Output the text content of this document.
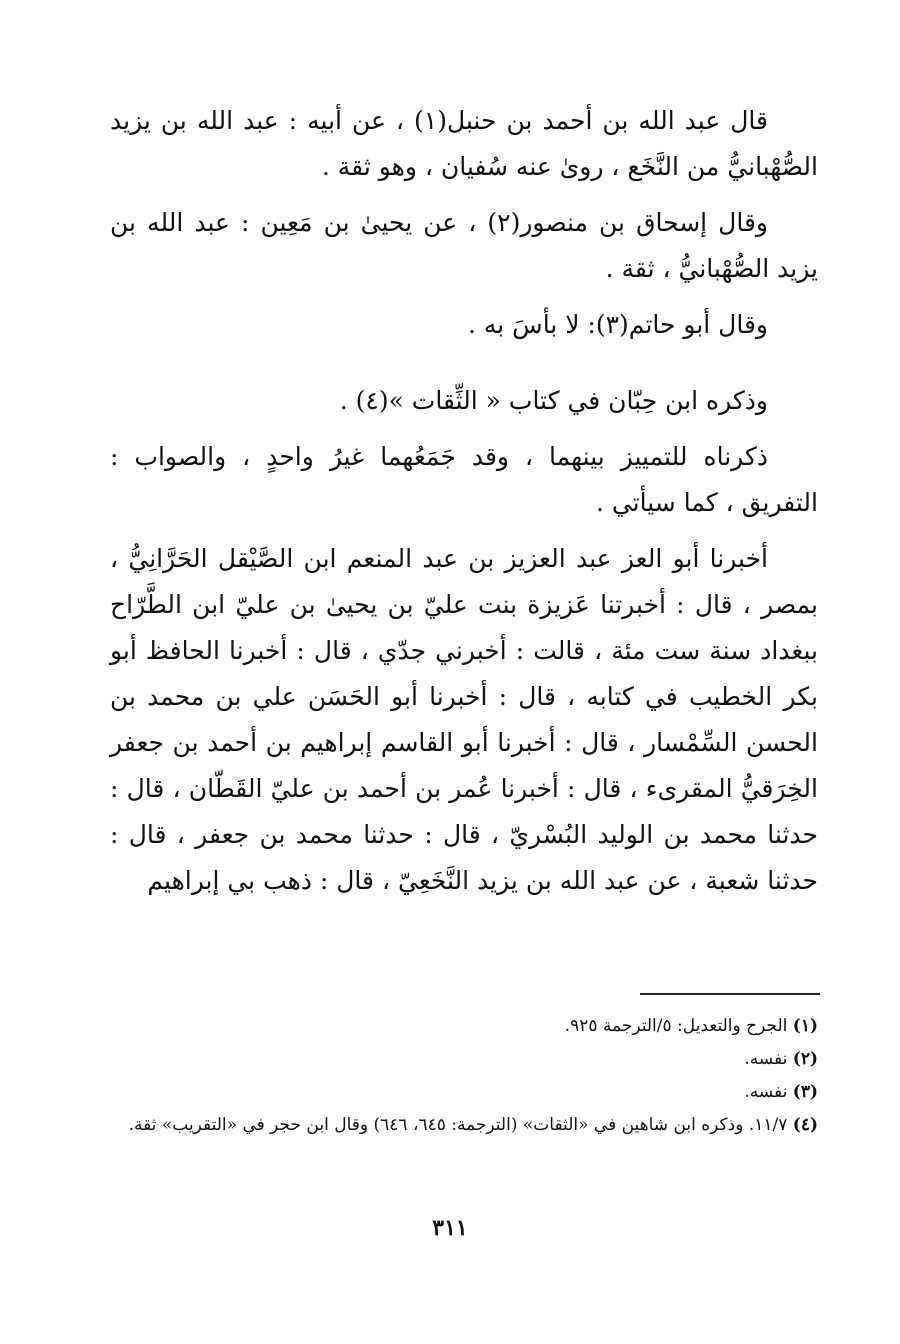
قال عبد الله بن أحمد بن حنبل(١) ، عن أبيه : عبد الله بن يزيد الصُّهْبانيُّ من النَّخَع ، روىٰ عنه سُفيان ، وهو ثقة .

وقال إسحاق بن منصور(٢) ، عن يحيىٰ بن مَعِين : عبد الله بن يزيد الصُّهْبانيُّ ، ثقة .

وقال أبو حاتم(٣): لا بأسَ به .

وذكره ابن حِبّان في كتاب « الثِّقات »(٤) .

ذكرناه للتمييز بينهما ، وقد جَمَعُهما غيرُ واحدٍ ، والصواب : التفريق ، كما سيأتي .

أخبرنا أبو العز عبد العزيز بن عبد المنعم ابن الصَّيْقل الحَرَّانِيُّ ، بمصر ، قال : أخبرتنا عَزيزة بنت عليّ بن يحيىٰ بن عليّ ابن الطَّرّاح ببغداد سنة ست مئة ، قالت : أخبرني جدّي ، قال : أخبرنا الحافظ أبو بكر الخطيب في كتابه ، قال : أخبرنا أبو الحَسَن علي بن محمد بن الحسن السِّمْسار ، قال : أخبرنا أبو القاسم إبراهيم بن أحمد بن جعفر الخِرَقيُّ المقرىء ، قال : أخبرنا عُمر بن أحمد بن عليّ القَطّان ، قال : حدثنا محمد بن الوليد البُسْريّ ، قال : حدثنا محمد بن جعفر ، قال : حدثنا شعبة ، عن عبد الله بن يزيد النَّخَعِيّ ، قال : ذهب بي إبراهيم

(١) الجرح والتعديل: ٥/الترجمة ٩٢٥.

(٢) نفسه.

(٣) نفسه.

(٤) ١١/٧. وذكره ابن شاهين في «الثقات» (الترجمة: ٦٤٥، ٦٤٦) وقال ابن حجر في «التقريب» ثقة.

٣١١
